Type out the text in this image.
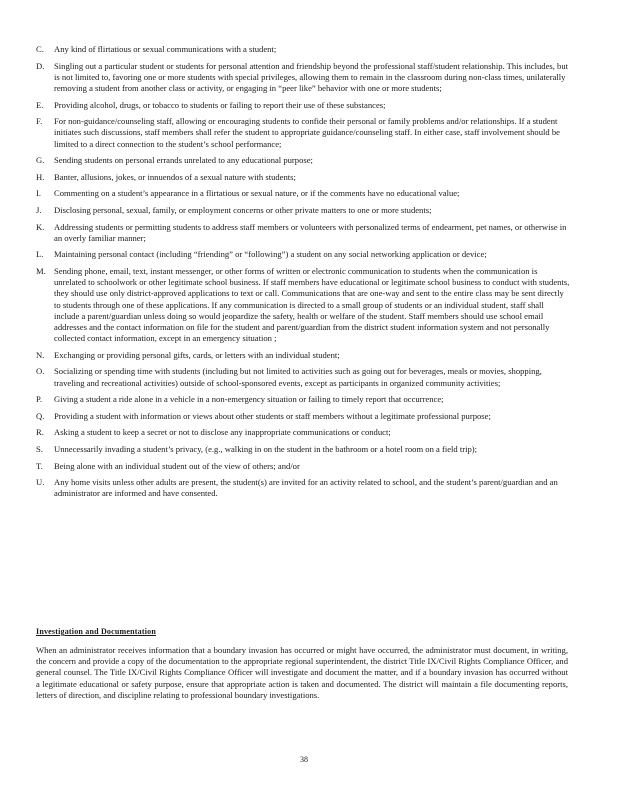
C. Any kind of flirtatious or sexual communications with a student;
D. Singling out a particular student or students for personal attention and friendship beyond the professional staff/student relationship. This includes, but is not limited to, favoring one or more students with special privileges, allowing them to remain in the classroom during non-class times, unilaterally removing a student from another class or activity, or engaging in “peer like” behavior with one or more students;
E. Providing alcohol, drugs, or tobacco to students or failing to report their use of these substances;
F. For non-guidance/counseling staff, allowing or encouraging students to confide their personal or family problems and/or relationships. If a student initiates such discussions, staff members shall refer the student to appropriate guidance/counseling staff. In either case, staff involvement should be limited to a direct connection to the student’s school performance;
G. Sending students on personal errands unrelated to any educational purpose;
H. Banter, allusions, jokes, or innuendos of a sexual nature with students;
I. Commenting on a student’s appearance in a flirtatious or sexual nature, or if the comments have no educational value;
J. Disclosing personal, sexual, family, or employment concerns or other private matters to one or more students;
K. Addressing students or permitting students to address staff members or volunteers with personalized terms of endearment, pet names, or otherwise in an overly familiar manner;
L. Maintaining personal contact (including “friending” or “following”) a student on any social networking application or device;
M. Sending phone, email, text, instant messenger, or other forms of written or electronic communication to students when the communication is unrelated to schoolwork or other legitimate school business. If staff members have educational or legitimate school business to conduct with students, they should use only district-approved applications to text or call. Communications that are one-way and sent to the entire class may be sent directly to students through one of these applications. If any communication is directed to a small group of students or an individual student, staff shall include a parent/guardian unless doing so would jeopardize the safety, health or welfare of the student. Staff members should use school email addresses and the contact information on file for the student and parent/guardian from the district student information system and not personally collected contact information, except in an emergency situation ;
N. Exchanging or providing personal gifts, cards, or letters with an individual student;
O. Socializing or spending time with students (including but not limited to activities such as going out for beverages, meals or movies, shopping, traveling and recreational activities) outside of school-sponsored events, except as participants in organized community activities;
P. Giving a student a ride alone in a vehicle in a non-emergency situation or failing to timely report that occurrence;
Q. Providing a student with information or views about other students or staff members without a legitimate professional purpose;
R. Asking a student to keep a secret or not to disclose any inappropriate communications or conduct;
S. Unnecessarily invading a student’s privacy, (e.g., walking in on the student in the bathroom or a hotel room on a field trip);
T. Being alone with an individual student out of the view of others; and/or
U. Any home visits unless other adults are present, the student(s) are invited for an activity related to school, and the student’s parent/guardian and an administrator are informed and have consented.
Investigation and Documentation

When an administrator receives information that a boundary invasion has occurred or might have occurred, the administrator must document, in writing, the concern and provide a copy of the documentation to the appropriate regional superintendent, the district Title IX/Civil Rights Compliance Officer, and general counsel. The Title IX/Civil Rights Compliance Officer will investigate and document the matter, and if a boundary invasion has occurred without a legitimate educational or safety purpose, ensure that appropriate action is taken and documented. The district will maintain a file documenting reports, letters of direction, and discipline relating to professional boundary investigations.

38
